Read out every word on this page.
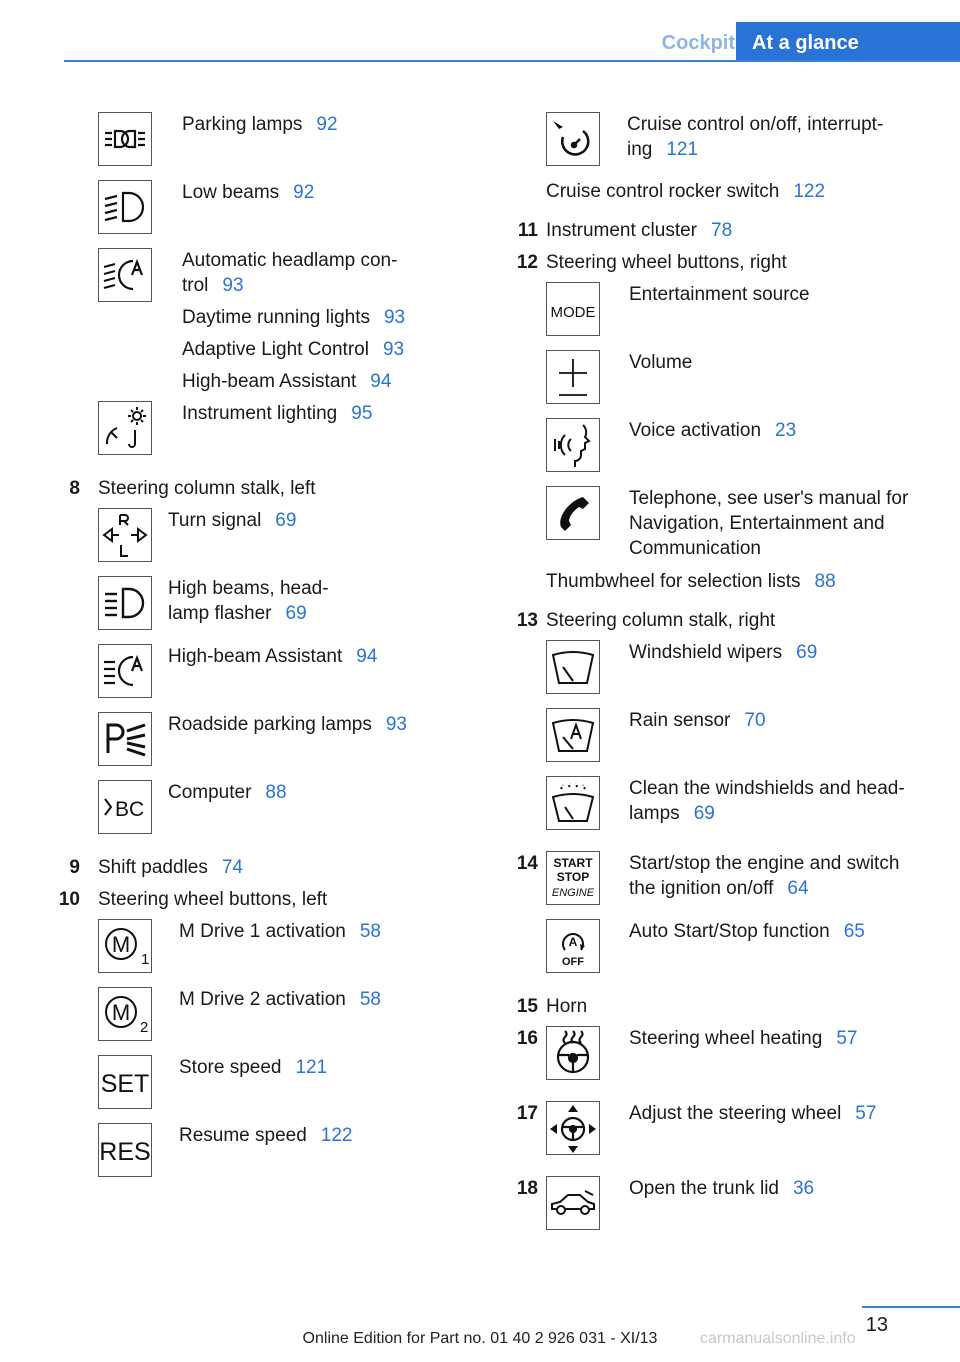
Cockpit At a glance
Parking lamps 92
Low beams 92
Automatic headlamp con-
trol 93
Daytime running lights 93
Adaptive Light Control 93
High-beam Assistant 94
Instrument lighting 95
8 Steering column stalk, left
Turn signal 69
High beams, head-
lamp flasher 69
High-beam Assistant 94
Roadside parking lamps 93
BC
Computer 88
9 Shift paddles 74
10 Steering wheel buttons, left
M
1
M Drive 1 activation 58
M
2
M Drive 2 activation 58
SET
Store speed 121
RES
Resume speed 122
Cruise control on/off, interrupt-
ing 121
Cruise control rocker switch 122
11 Instrument cluster 78
12 Steering wheel buttons, right
MODE
Entertainment source
Volume
Voice activation 23
Telephone, see user's manual for
Navigation, Entertainment and
Communication
Thumbwheel for selection lists 88
13 Steering column stalk, right
Windshield wipers 69
Rain sensor 70
Clean the windshields and head-
lamps 69
14 START
STOP
ENGINE
Start/stop the engine and switch
the ignition on/off 64
A
OFF
Auto Start/Stop function 65
15 Horn
16	Steering wheel heating 57
17	Adjust the steering wheel 57
18	Open the trunk lid 36
13
Online Edition for Part no. 01 40 2 926 031 - XI/13	carmanualsonline.info
